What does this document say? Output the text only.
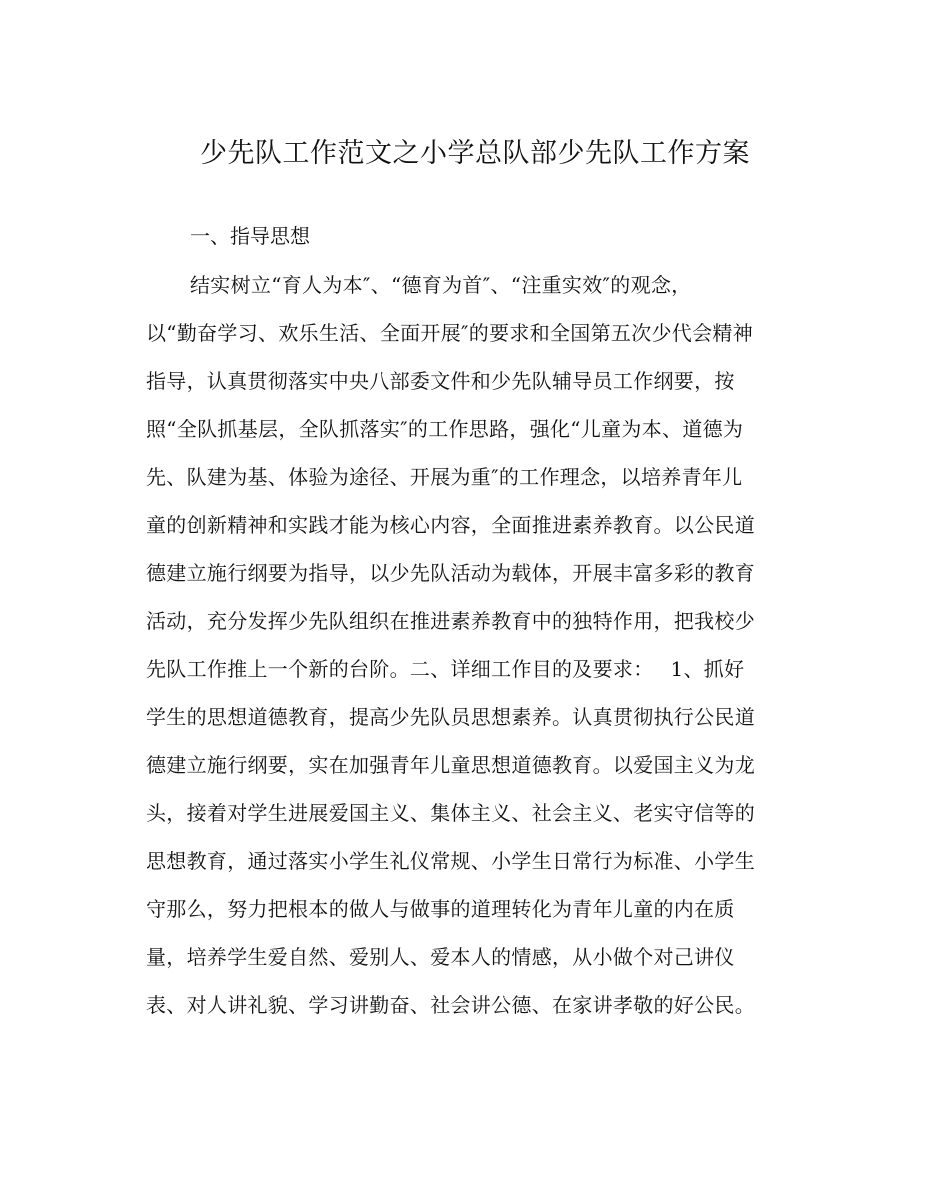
少先队工作范文之小学总队部少先队工作方案
一、指导思想
结实树立“育人为本″、“德育为首″、“注重实效″的观念，
以“勤奋学习、欢乐生活、全面开展″的要求和全国第五次少代会精神
指导，认真贯彻落实中央八部委文件和少先队辅导员工作纲要，按
照“全队抓基层，全队抓落实″的工作思路，强化“儿童为本、道德为
先、队建为基、体验为途径、开展为重″的工作理念，以培养青年儿
童的创新精神和实践才能为核心内容，全面推进素养教育。以公民道
德建立施行纲要为指导，以少先队活动为载体，开展丰富多彩的教育
活动，充分发挥少先队组织在推进素养教育中的独特作用，把我校少
先队工作推上一个新的台阶。二、详细工作目的及要求：　 1、抓好
学生的思想道德教育，提高少先队员思想素养。认真贯彻执行公民道
德建立施行纲要，实在加强青年儿童思想道德教育。以爱国主义为龙
头，接着对学生进展爱国主义、集体主义、社会主义、老实守信等的
思想教育，通过落实小学生礼仪常规、小学生日常行为标准、小学生
守那么，努力把根本的做人与做事的道理转化为青年儿童的内在质
量，培养学生爱自然、爱别人、爱本人的情感，从小做个对己讲仪
表、对人讲礼貌、学习讲勤奋、社会讲公德、在家讲孝敬的好公民。
